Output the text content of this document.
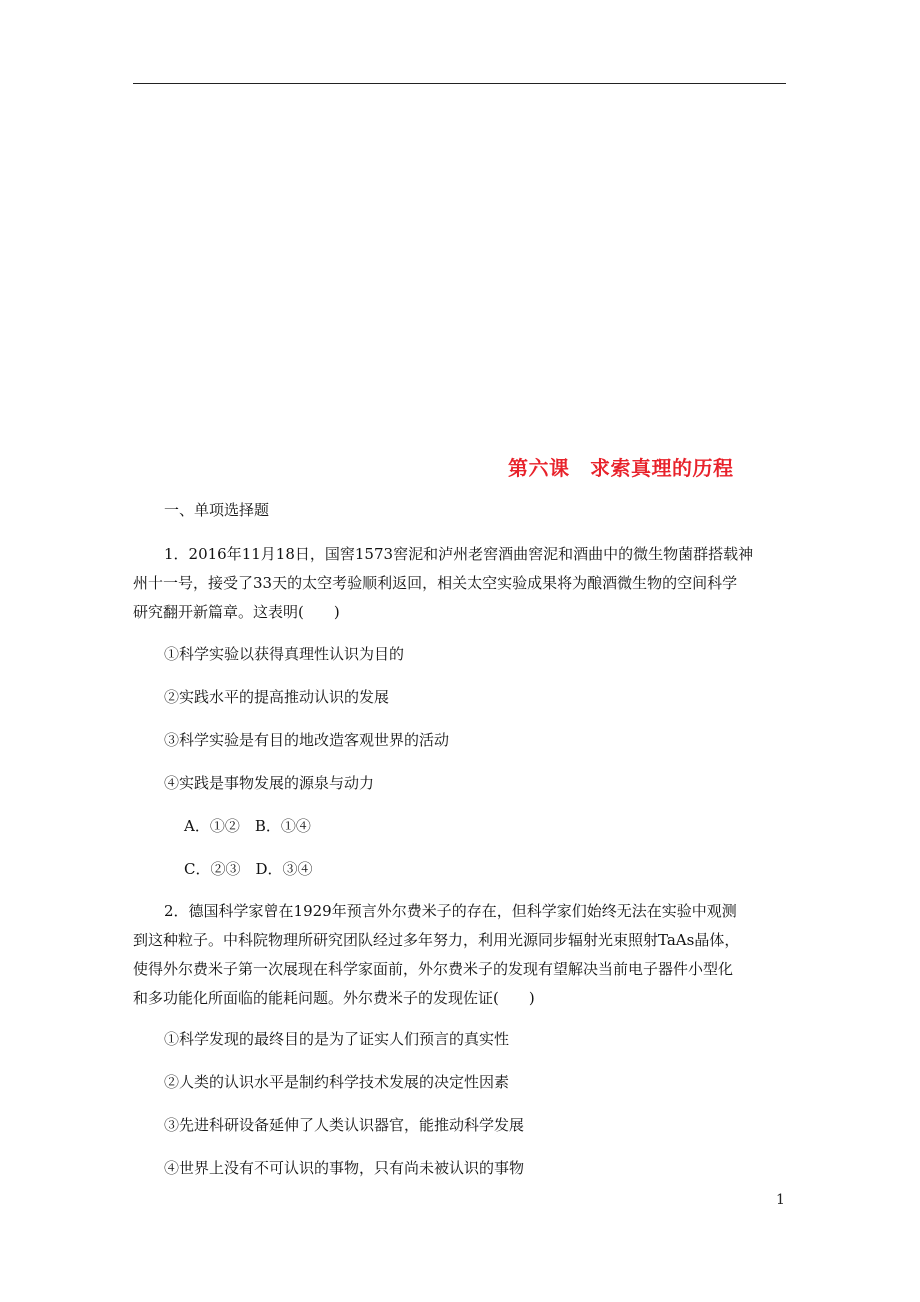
第六课　求索真理的历程
一、单项选择题
1．2016年11月18日，国窖1573窖泥和泸州老窖酒曲窖泥和酒曲中的微生物菌群搭载神
州十一号，接受了33天的太空考验顺利返回，相关太空实验成果将为酿酒微生物的空间科学
研究翻开新篇章。这表明(　　)
①科学实验以获得真理性认识为目的
②实践水平的提高推动认识的发展
③科学实验是有目的地改造客观世界的活动
④实践是事物发展的源泉与动力
A．①②　B．①④
C．②③　D．③④
2．德国科学家曾在1929年预言外尔费米子的存在，但科学家们始终无法在实验中观测
到这种粒子。中科院物理所研究团队经过多年努力，利用光源同步辐射光束照射TaAs晶体，
使得外尔费米子第一次展现在科学家面前，外尔费米子的发现有望解决当前电子器件小型化
和多功能化所面临的能耗问题。外尔费米子的发现佐证(　　)
①科学发现的最终目的是为了证实人们预言的真实性
②人类的认识水平是制约科学技术发展的决定性因素
③先进科研设备延伸了人类认识器官，能推动科学发展
④世界上没有不可认识的事物，只有尚未被认识的事物
1
